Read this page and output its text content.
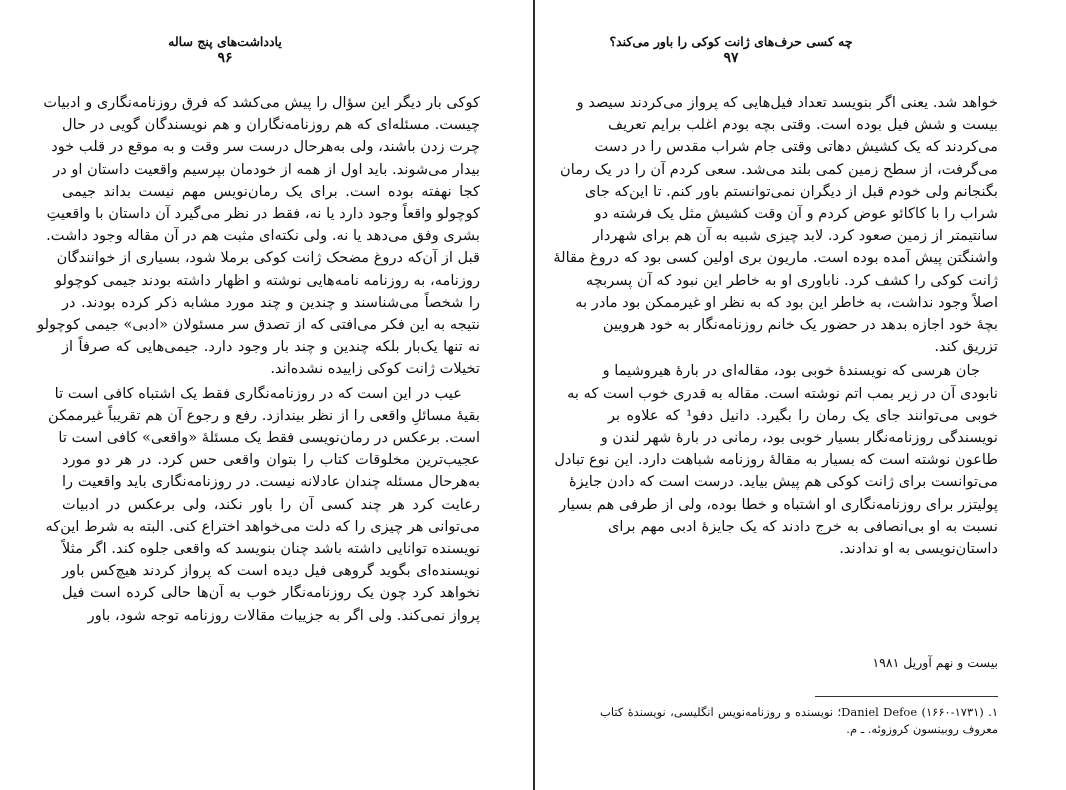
یادداشت‌های پنج ساله
۹۶
کوکی بار دیگر این سؤال را پیش می‌کشد که فرق روزنامه‌نگاری و ادبیات
چیست. مسئله‌ای که هم روزنامه‌نگاران و هم نویسندگان گویی در حال
چرت زدن باشند، ولی به‌هرحال درست سر وقت و به موقع در قلب خود
بیدار می‌شوند. باید اول از همه از خودمان بپرسیم واقعیت داستان او در
کجا نهفته بوده است. برای یک رمان‌نویس مهم نیست بداند جیمی
کوچولو واقعاً وجود دارد یا نه، فقط در نظر می‌گیرد آن داستان با واقعیتِ
بشری وفق می‌دهد یا نه. ولی نکته‌ای مثبت هم در آن مقاله وجود داشت.
قبل از آن‌که دروغ مضحک ژانت کوکی برملا شود، بسیاری از خوانندگان
روزنامه، به روزنامه نامه‌هایی نوشته و اظهار داشته بودند جیمی کوچولو
را شخصاً می‌شناسند و چندین و چند مورد مشابه ذکر کرده بودند. در
نتیجه به این فکر می‌افتی که از تصدق سر مسئولان «ادبی» جیمی کوچولو
نه تنها یک‌بار بلکه چندین و چند بار وجود دارد. جیمی‌هایی که صرفاً از
تخیلات ژانت کوکی زاییده نشده‌اند.
عیب در این است که در روزنامه‌نگاری فقط یک اشتباه کافی است تا
بقیهٔ مسائلِ واقعی را از نظر بیندازد. رفع و رجوع آن هم تقریباً غیرممکن
است. برعکس در رمان‌نویسی فقط یک مسئلهٔ «واقعی» کافی است تا
عجیب‌ترین مخلوقات کتاب را بتوان واقعی حس کرد. در هر دو مورد
به‌هرحال مسئله چندان عادلانه نیست. در روزنامه‌نگاری باید واقعیت را
رعایت کرد هر چند کسی آن را باور نکند، ولی برعکس در ادبیات
می‌توانی هر چیزی را که دلت می‌خواهد اختراع کنی. البته به شرط این‌که
نویسنده توانایی داشته باشد چنان بنویسد که واقعی جلوه کند. اگر مثلاً
نویسنده‌ای بگوید گروهی فیل دیده است که پرواز کردند هیچ‌کس باور
نخواهد کرد چون یک روزنامه‌نگار خوب به آن‌ها حالی کرده است فیل
پرواز نمی‌کند. ولی اگر به جزییات مقالات روزنامه توجه شود، باور
چه کسی حرف‌های ژانت کوکی را باور می‌کند؟
۹۷
خواهد شد. یعنی اگر بنویسد تعداد فیل‌هایی که پرواز می‌کردند سیصد و
بیست و شش فیل بوده است. وقتی بچه بودم اغلب برایم تعریف
می‌کردند که یک کشیش دهاتی وقتی جام شراب مقدس را در دست
می‌گرفت، از سطح زمین کمی بلند می‌شد. سعی کردم آن را در یک رمان
بگنجانم ولی خودم قبل از دیگران نمی‌توانستم باور کنم. تا این‌که جای
شراب را با کاکائو عوض کردم و آن وقت کشیش مثل یک فرشته دو
سانتیمتر از زمین صعود کرد. لابد چیزی شبیه به آن هم برای شهردار
واشنگتن پیش آمده بوده است. ماریون بری اولین کسی بود که دروغ مقالهٔ
ژانت کوکی را کشف کرد. ناباوری او به خاطر این نبود که آن پسربچه
اصلاً وجود نداشت، به خاطر این بود که به نظر او غیرممکن بود مادر به
بچهٔ خود اجازه بدهد در حضور یک خانم روزنامه‌نگار به خود هرویین
تزریق کند.
جان هرسی که نویسندهٔ خوبی بود، مقاله‌ای در بارهٔ هیروشیما و
نابودی آن در زیر بمب اتم نوشته است. مقاله به قدری خوب است که به
خوبی می‌توانند جای یک رمان را بگیرد. دانیل دفو¹ که علاوه بر
نویسندگی روزنامه‌نگار بسیار خوبی بود، رمانی در بارهٔ شهر لندن و
طاعون نوشته است که بسیار به مقالهٔ روزنامه شباهت دارد. این نوع تبادل
می‌توانست برای ژانت کوکی هم پیش بیاید. درست است که دادن جایزهٔ
پولیتزر برای روزنامه‌نگاری او اشتباه و خطا بوده، ولی از طرفی هم بسیار
نسبت به او بی‌انصافی به خرج دادند که یک جایزهٔ ادبی مهم برای
داستان‌نویسی به او ندادند.
بیست و نهم آوریل ۱۹۸۱
۱. Daniel Defoe (۱۶۶۰-۱۷۳۱)؛ نویسنده و روزنامه‌نویس انگلیسی، نویسندهٔ کتاب
معروف روبینسون کروزوئه. ـ م.
